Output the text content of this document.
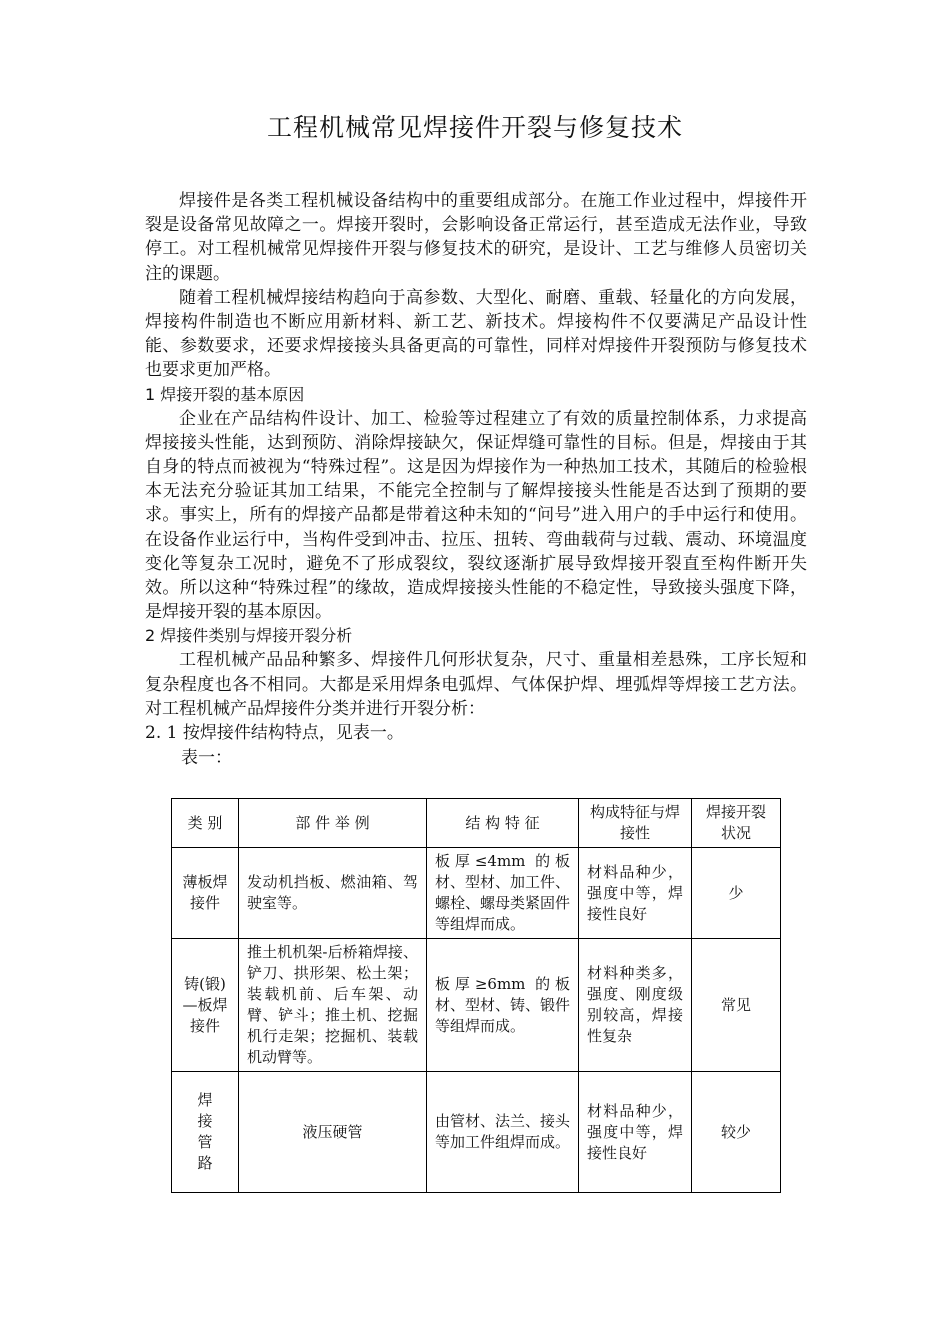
工程机械常见焊接件开裂与修复技术

焊接件是各类工程机械设备结构中的重要组成部分。在施工作业过程中，焊接件开裂是设备常见故障之一。焊接开裂时，会影响设备正常运行，甚至造成无法作业，导致停工。对工程机械常见焊接件开裂与修复技术的研究，是设计、工艺与维修人员密切关注的课题。

随着工程机械焊接结构趋向于高参数、大型化、耐磨、重载、轻量化的方向发展，焊接构件制造也不断应用新材料、新工艺、新技术。焊接构件不仅要满足产品设计性能、参数要求，还要求焊接接头具备更高的可靠性，同样对焊接件开裂预防与修复技术也要求更加严格。

1 焊接开裂的基本原因

企业在产品结构件设计、加工、检验等过程建立了有效的质量控制体系，力求提高焊接接头性能，达到预防、消除焊接缺欠，保证焊缝可靠性的目标。但是，焊接由于其自身的特点而被视为“特殊过程”。这是因为焊接作为一种热加工技术，其随后的检验根本无法充分验证其加工结果，不能完全控制与了解焊接接头性能是否达到了预期的要求。事实上，所有的焊接产品都是带着这种未知的“问号”进入用户的手中运行和使用。在设备作业运行中，当构件受到冲击、拉压、扭转、弯曲载荷与过载、震动、环境温度变化等复杂工况时，避免不了形成裂纹，裂纹逐渐扩展导致焊接开裂直至构件断开失效。所以这种“特殊过程”的缘故，造成焊接接头性能的不稳定性，导致接头强度下降，是焊接开裂的基本原因。

2 焊接件类别与焊接开裂分析

工程机械产品品种繁多、焊接件几何形状复杂，尺寸、重量相差悬殊，工序长短和复杂程度也各不相同。大都是采用焊条电弧焊、气体保护焊、埋弧焊等焊接工艺方法。对工程机械产品焊接件分类并进行开裂分析：

2. 1 按焊接件结构特点，见表一。

表一：

类 别	部 件 举 例	结 构 特 征	构成特征与焊接性	焊接开裂状况
薄板焊接件	发动机挡板、燃油箱、驾驶室等。	板厚≤4mm 的板材、型材、加工件、螺栓、螺母类紧固件等组焊而成。	材料品种少，强度中等，焊接性良好	少
铸(锻)—板焊接件	推土机机架-后桥箱焊接、铲刀、拱形架、松土架；装载机前、后车架、动臂、铲斗；推土机、挖掘机行走架；挖掘机、装载机动臂等。	板厚≥6mm 的板材、型材、铸、锻件等组焊而成。	材料种类多，强度、刚度级别较高，焊接性复杂	常见
焊接管路	液压硬管	由管材、法兰、接头等加工件组焊而成。	材料品种少，强度中等，焊接性良好	较少
